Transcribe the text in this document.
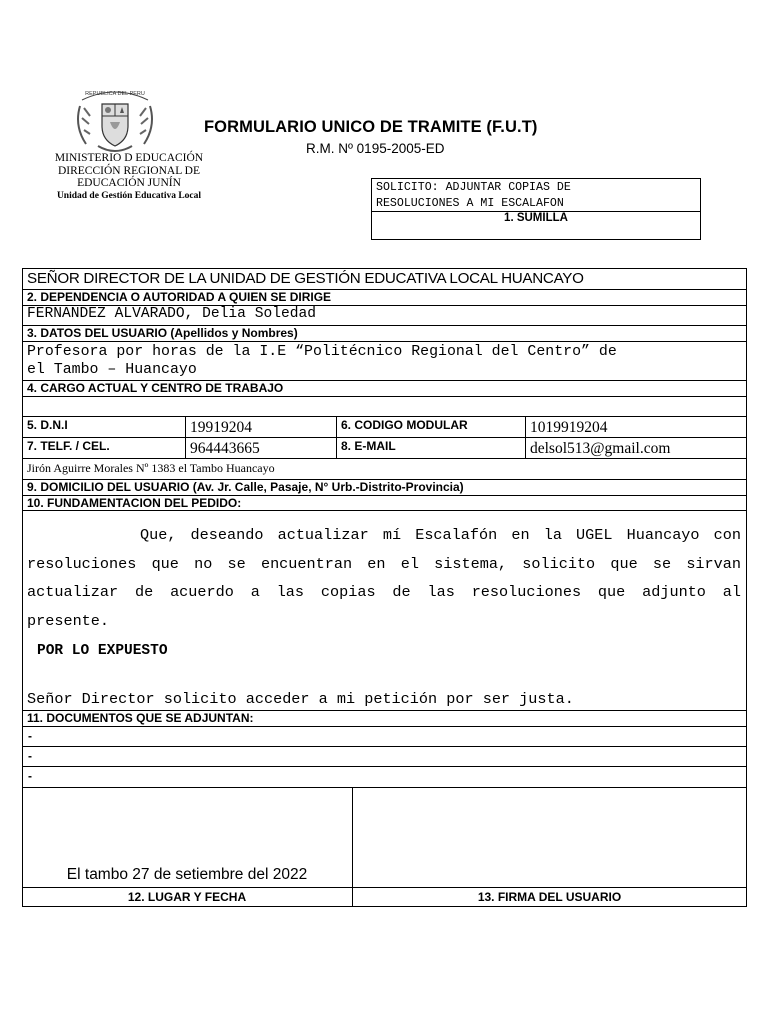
REPUBLICA DEL PERU
MINISTERIO D EDUCACIÓN
DIRECCIÓN REGIONAL DE
EDUCACIÓN JUNÍN
Unidad de Gestión Educativa Local
FORMULARIO UNICO DE TRAMITE (F.U.T)
R.M. Nº 0195-2005-ED
SOLICITO: ADJUNTAR COPIAS DE
RESOLUCIONES A MI ESCALAFON
1. SUMILLA
SEÑOR DIRECTOR DE LA UNIDAD DE GESTIÓN EDUCATIVA LOCAL HUANCAYO
2. DEPENDENCIA O AUTORIDAD A QUIEN SE DIRIGE
FERNANDEZ ALVARADO, Delia Soledad
3. DATOS DEL USUARIO (Apellidos y Nombres)
Profesora por horas de la I.E “Politécnico Regional del Centro” de
el Tambo – Huancayo
4. CARGO ACTUAL Y CENTRO DE TRABAJO
5. D.N.I	19919204	6. CODIGO MODULAR	1019919204
7. TELF. / CEL.	964443665	8. E-MAIL	delsol513@gmail.com
Jirón Aguirre Morales Nº 1383 el Tambo Huancayo
9. DOMICILIO DEL USUARIO (Av. Jr. Calle, Pasaje, N° Urb.-Distrito-Provincia)
10. FUNDAMENTACION DEL PEDIDO:
Que, deseando actualizar mí Escalafón en la UGEL Huancayo con resoluciones que no se encuentran en el sistema, solicito que se sirvan actualizar de acuerdo a las copias de las resoluciones que adjunto al presente.
POR LO EXPUESTO
Señor Director solicito acceder a mi petición por ser justa.
11. DOCUMENTOS QUE SE ADJUNTAN:
-
-
-
El tambo 27 de setiembre del 2022
12. LUGAR Y FECHA	13. FIRMA DEL USUARIO
